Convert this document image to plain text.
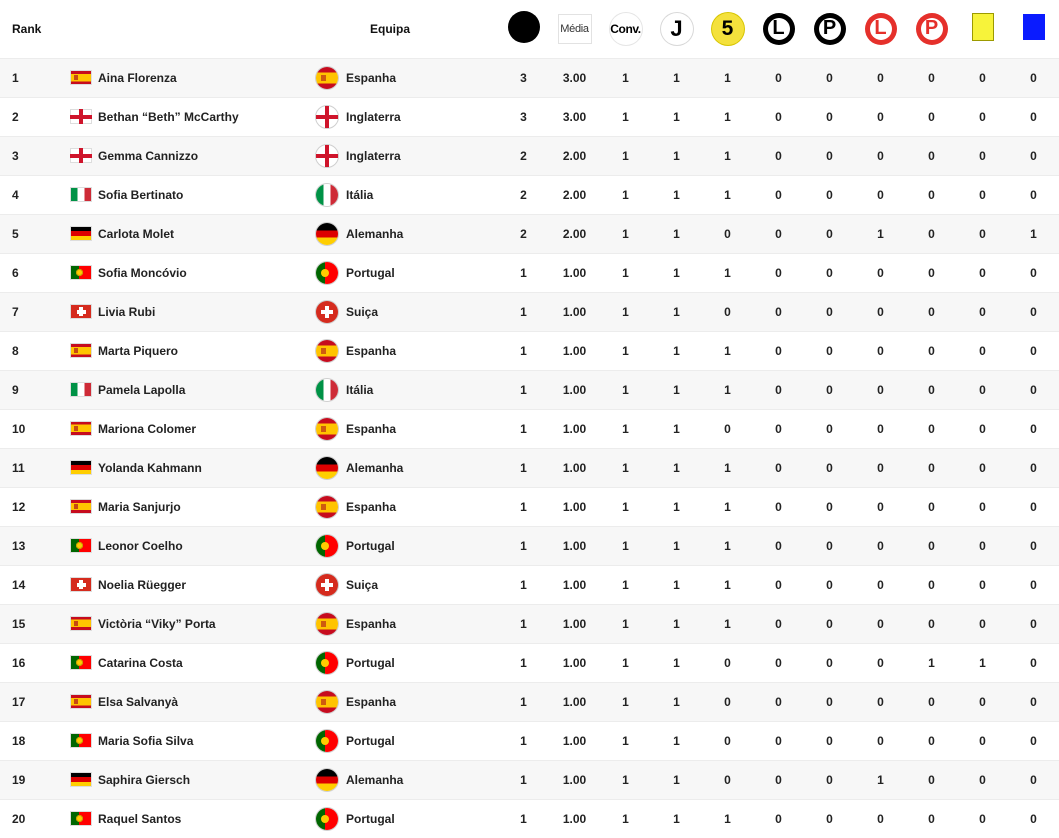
Rank		Equipa		Média	Conv.	J	5	L	P	L	P		

1	Aina Florenza	Espanha	3	3.00	1	1	1	0	0	0	0	0	0
2	Bethan “Beth” McCarthy	Inglaterra	3	3.00	1	1	1	0	0	0	0	0	0
3	Gemma Cannizzo	Inglaterra	2	2.00	1	1	1	0	0	0	0	0	0
4	Sofia Bertinato	Itália	2	2.00	1	1	1	0	0	0	0	0	0
5	Carlota Molet	Alemanha	2	2.00	1	1	0	0	0	1	0	0	1
6	Sofia Moncóvio	Portugal	1	1.00	1	1	1	0	0	0	0	0	0
7	Livia Rubi	Suiça	1	1.00	1	1	0	0	0	0	0	0	0
8	Marta Piquero	Espanha	1	1.00	1	1	1	0	0	0	0	0	0
9	Pamela Lapolla	Itália	1	1.00	1	1	1	0	0	0	0	0	0
10	Mariona Colomer	Espanha	1	1.00	1	1	0	0	0	0	0	0	0
11	Yolanda Kahmann	Alemanha	1	1.00	1	1	1	0	0	0	0	0	0
12	Maria Sanjurjo	Espanha	1	1.00	1	1	1	0	0	0	0	0	0
13	Leonor Coelho	Portugal	1	1.00	1	1	1	0	0	0	0	0	0
14	Noelia Rüegger	Suiça	1	1.00	1	1	1	0	0	0	0	0	0
15	Victòria “Viky” Porta	Espanha	1	1.00	1	1	1	0	0	0	0	0	0
16	Catarina Costa	Portugal	1	1.00	1	1	0	0	0	0	1	1	0
17	Elsa Salvanyà	Espanha	1	1.00	1	1	0	0	0	0	0	0	0
18	Maria Sofia Silva	Portugal	1	1.00	1	1	0	0	0	0	0	0	0
19	Saphira Giersch	Alemanha	1	1.00	1	1	0	0	0	1	0	0	0
20	Raquel Santos	Portugal	1	1.00	1	1	1	0	0	0	0	0	0
